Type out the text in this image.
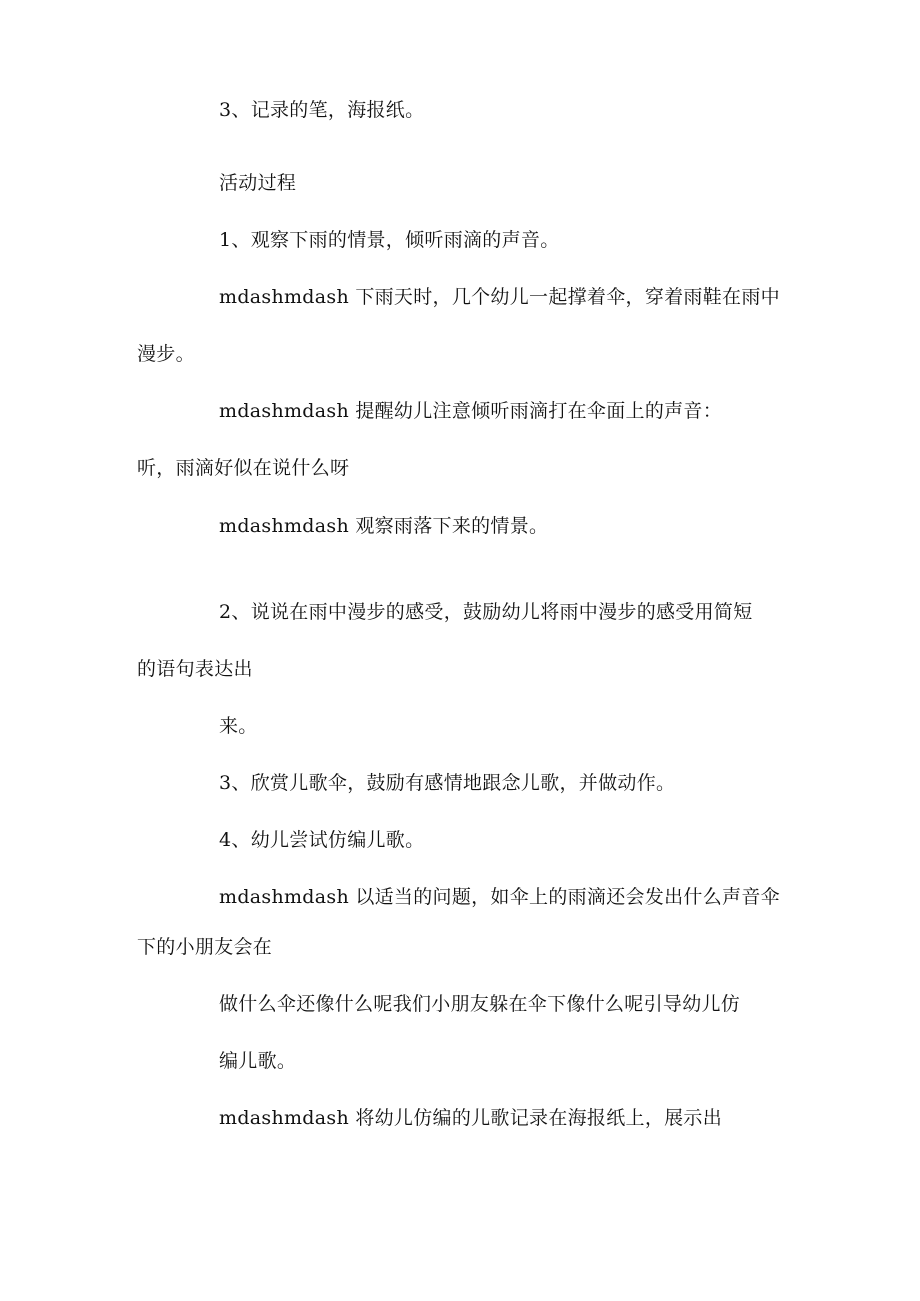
3、记录的笔，海报纸。
活动过程
1、观察下雨的情景，倾听雨滴的声音。
mdashmdash 下雨天时，几个幼儿一起撑着伞，穿着雨鞋在雨中
漫步。
mdashmdash 提醒幼儿注意倾听雨滴打在伞面上的声音：
听，雨滴好似在说什么呀
mdashmdash 观察雨落下来的情景。
2、说说在雨中漫步的感受，鼓励幼儿将雨中漫步的感受用简短
的语句表达出
来。
3、欣赏儿歌伞，鼓励有感情地跟念儿歌，并做动作。
4、幼儿尝试仿编儿歌。
mdashmdash 以适当的问题，如伞上的雨滴还会发出什么声音伞
下的小朋友会在
做什么伞还像什么呢我们小朋友躲在伞下像什么呢引导幼儿仿
编儿歌。
mdashmdash 将幼儿仿编的儿歌记录在海报纸上，展示出
